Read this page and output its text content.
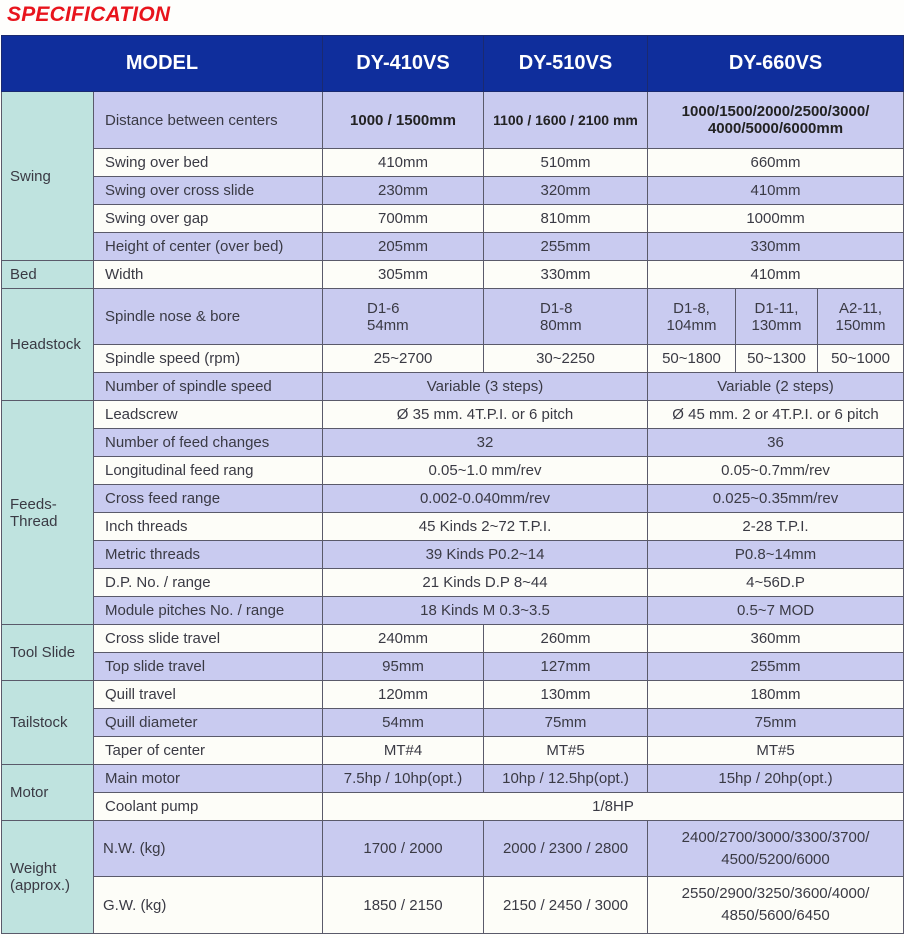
SPECIFICATION
MODEL		DY-410VS	DY-510VS	DY-660VS		
Swing	Distance between centers	1000 / 1500mm	1100 / 1600 / 2100 mm	1000/1500/2000/2500/3000/ 4000/5000/6000mm		
	Swing over bed	410mm	510mm	660mm		
	Swing over cross slide	230mm	320mm	410mm		
	Swing over gap	700mm	810mm	1000mm		
	Height of center (over bed)	205mm	255mm	330mm		
Bed	Width	305mm	330mm	410mm		
Headstock	Spindle nose & bore	D1-6 54mm	D1-8 80mm	D1-8, 104mm	D1-11, 130mm	A2-11, 150mm
	Spindle speed (rpm)	25~2700	30~2250	50~1800	50~1300	50~1000
	Number of spindle speed	Variable (3 steps)		Variable (2 steps)		
Feeds-Thread	Leadscrew	Ø 35 mm. 4T.P.I. or 6 pitch		Ø 45 mm. 2 or 4T.P.I. or 6 pitch		
	Number of feed changes	32		36		
	Longitudinal feed rang	0.05~1.0 mm/rev		0.05~0.7mm/rev		
	Cross feed range	0.002-0.040mm/rev		0.025~0.35mm/rev		
	Inch threads	45 Kinds 2~72 T.P.I.		2-28 T.P.I.		
	Metric threads	39 Kinds P0.2~14		P0.8~14mm		
	D.P. No. / range	21 Kinds D.P 8~44		4~56D.P		
	Module pitches No. / range	18 Kinds M 0.3~3.5		0.5~7 MOD		
Tool Slide	Cross slide travel	240mm	260mm	360mm		
	Top slide travel	95mm	127mm	255mm		
Tailstock	Quill travel	120mm	130mm	180mm		
	Quill diameter	54mm	75mm	75mm		
	Taper of center	MT#4	MT#5	MT#5		
Motor	Main motor	7.5hp / 10hp(opt.)	10hp / 12.5hp(opt.)	15hp / 20hp(opt.)		
	Coolant pump	1/8HP				
Weight (approx.)	N.W. (kg)	1700 / 2000	2000 / 2300 / 2800	2400/2700/3000/3300/3700/ 4500/5200/6000		
	G.W. (kg)	1850 / 2150	2150 / 2450 / 3000	2550/2900/3250/3600/4000/ 4850/5600/6450		
